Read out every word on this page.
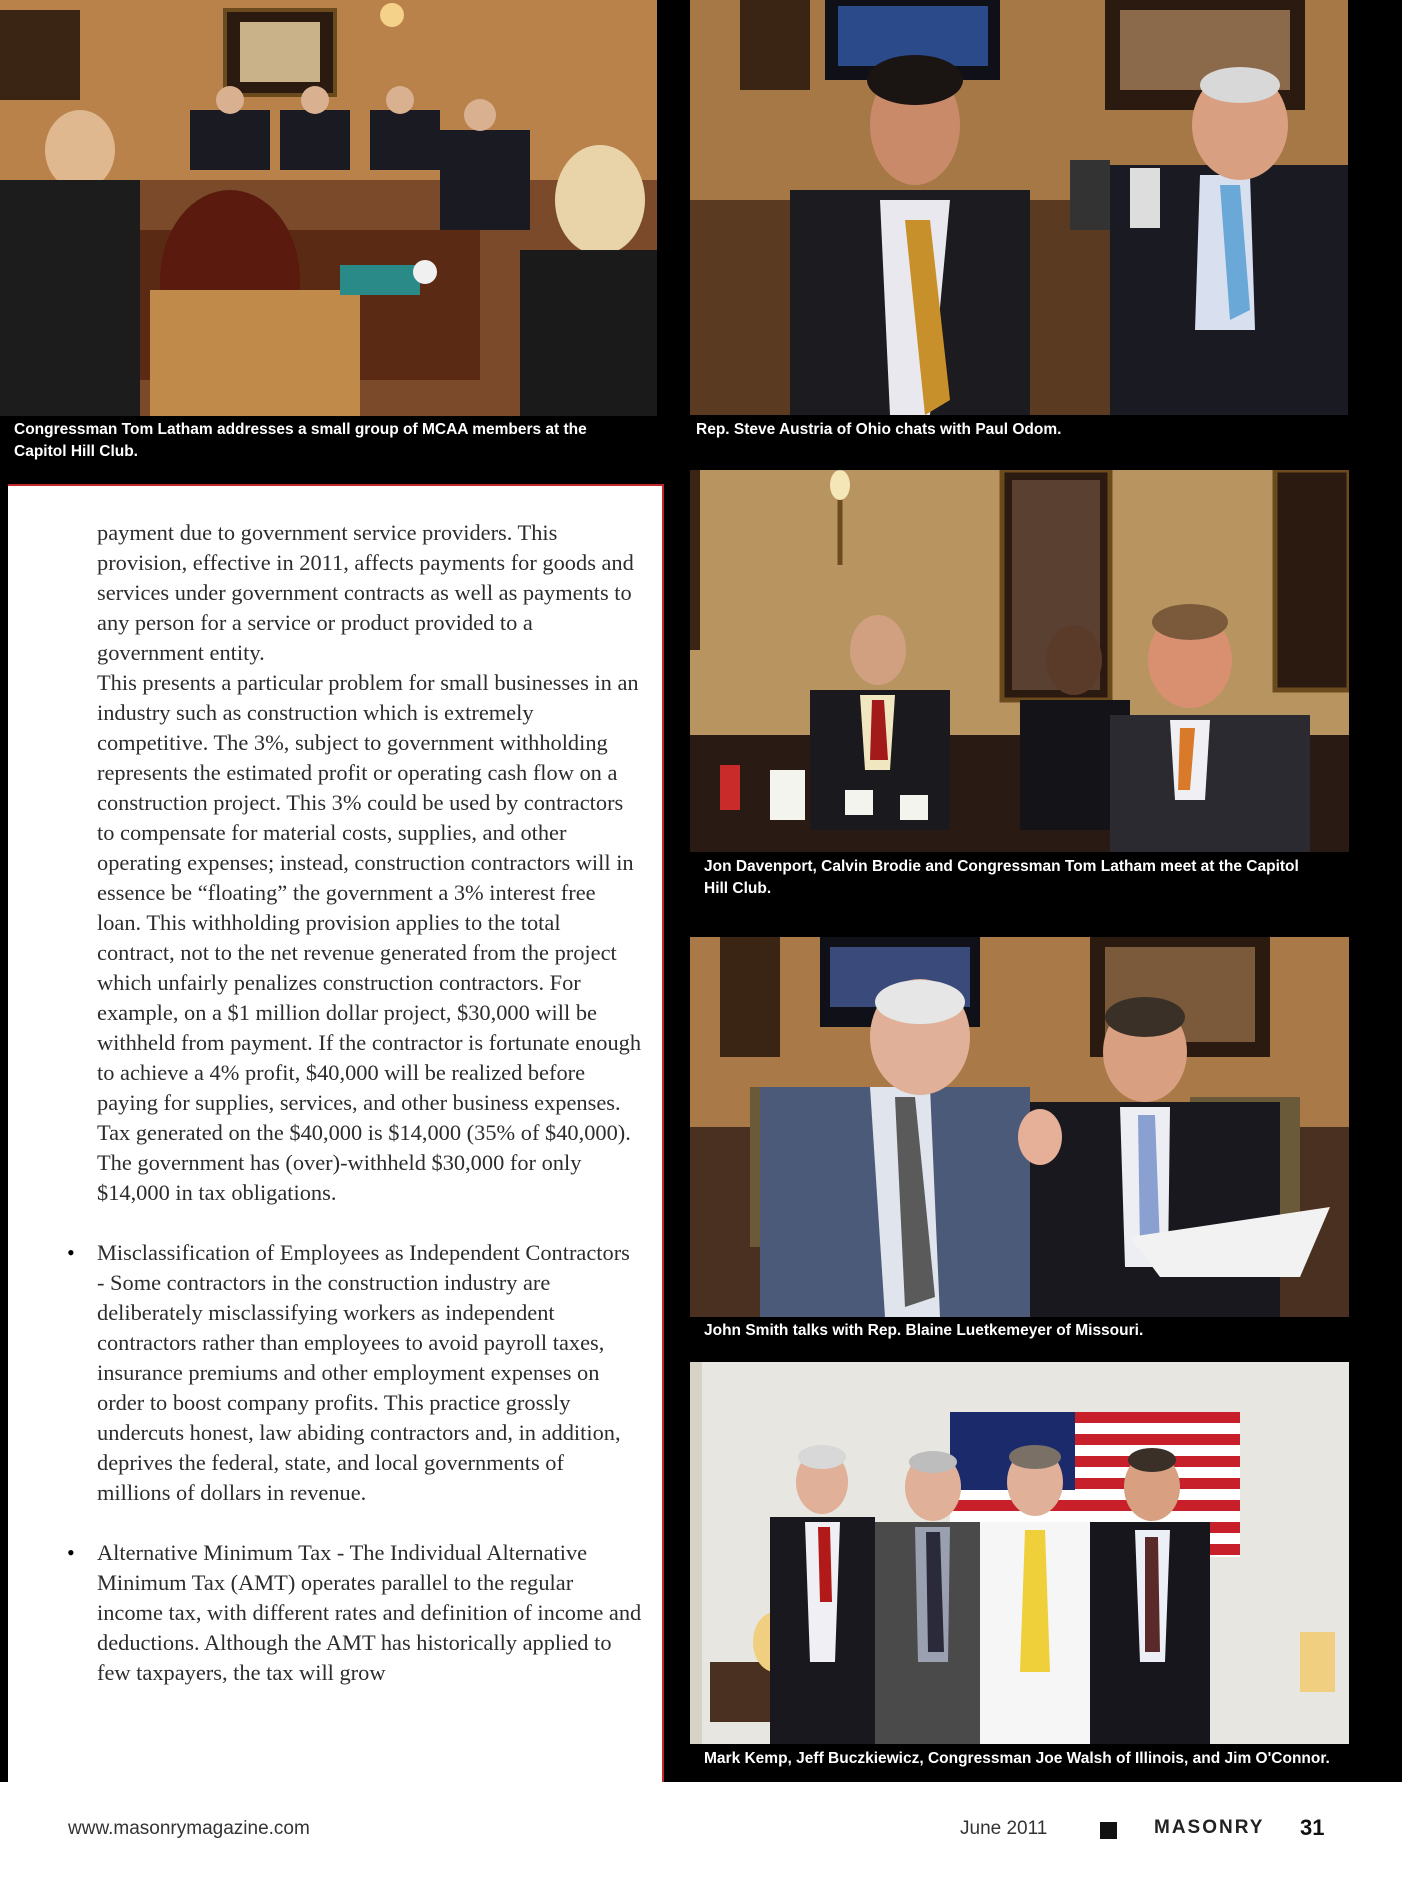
Congressman Tom Latham addresses a small group of MCAA members at the Capitol Hill Club.
Rep. Steve Austria of Ohio chats with Paul Odom.

payment due to government service providers. This provision, effective in 2011, affects payments for goods and services under government contracts as well as payments to any person for a service or product provided to a government entity.

This presents a particular problem for small businesses in an industry such as construction which is extremely competitive. The 3%, subject to government withholding represents the estimated profit or operating cash flow on a construction project. This 3% could be used by contractors to compensate for material costs, supplies, and other operating expenses; instead, construction contractors will in essence be “floating” the government a 3% interest free loan. This withholding provision applies to the total contract, not to the net revenue generated from the project which unfairly penalizes construction contractors. For example, on a $1 million dollar project, $30,000 will be withheld from payment. If the contractor is fortunate enough to achieve a 4% profit, $40,000 will be realized before paying for supplies, services, and other business expenses. Tax generated on the $40,000 is $14,000 (35% of $40,000). The government has (over)-withheld $30,000 for only $14,000 in tax obligations.

• Misclassification of Employees as Independent Contractors - Some contractors in the construction industry are deliberately misclassifying workers as independent contractors rather than employees to avoid payroll taxes, insurance premiums and other employment expenses on order to boost company profits. This practice grossly undercuts honest, law abiding contractors and, in addition, deprives the federal, state, and local governments of millions of dollars in revenue.

• Alternative Minimum Tax - The Individual Alternative Minimum Tax (AMT) operates parallel to the regular income tax, with different rates and definition of income and deductions. Although the AMT has historically applied to few taxpayers, the tax will grow

Jon Davenport, Calvin Brodie and Congressman Tom Latham meet at the Capitol Hill Club.
John Smith talks with Rep. Blaine Luetkemeyer of Missouri.
Mark Kemp, Jeff Buczkiewicz, Congressman Joe Walsh of Illinois, and Jim O'Connor.
www.masonrymagazine.com	June 2011	MASONRY 31
